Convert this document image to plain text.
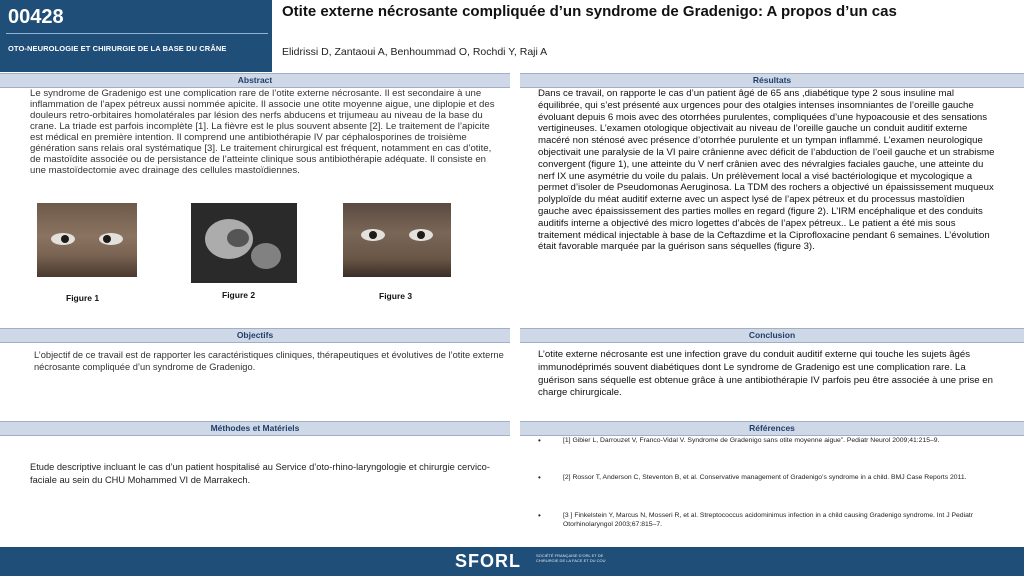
00428
OTO-NEUROLOGIE ET CHIRURGIE DE LA BASE DU CRÂNE
Otite externe nécrosante compliquée d’un syndrome de Gradenigo: A propos d’un cas
Elidrissi D, Zantaoui A, Benhoummad O, Rochdi Y, Raji A
Abstract

Le syndrome de Gradenigo est une complication rare de l’otite externe nécrosante. Il est secondaire à une inflammation de l’apex pétreux aussi nommée apicite. Il associe une otite moyenne aigue, une diplopie et des douleurs retro-orbitaires homolatérales par lésion des nerfs abducens et trijumeau au niveau de la base du crane. La triade est parfois incomplète [1]. La fièvre est le plus souvent absente [2]. Le traitement de l’apicite est médical en première intention. Il comprend une antibiothérapie IV par céphalosporines de troisième génération sans relais oral systématique [3]. Le traitement chirurgical est fréquent, notamment en cas d’otite, de mastoïdite associée ou de persistance de l’atteinte clinique sous antibiothérapie adéquate. Il consiste en une mastoïdectomie avec drainage des cellules mastoïdiennes.

Figure 1	Figure 2	Figure 3
Résultats

Dans ce travail, on rapporte le cas d’un patient âgé de 65 ans ,diabétique type 2 sous insuline mal équilibrée, qui s’est présenté aux urgences pour des otalgies intenses insomniantes de l’oreille gauche évoluant depuis 6 mois avec des otorrhées purulentes, compliquées d’une hypoacousie et des sensations vertigineuses. L’examen otologique objectivait au niveau de l’oreille gauche un conduit auditif externe macéré non sténosé avec présence d’otorrhée purulente et un tympan inflammé. L’examen neurologique objectivait une paralysie de la VI paire crânienne avec déficit de l’abduction de l’oeil gauche et un strabisme convergent (figure 1), une atteinte du V nerf crânien avec des névralgies faciales gauche, une atteinte du nerf IX une asymétrie du voile du palais. Un prélèvement local a visé bactériologique et mycologique a permet d’isoler de Pseudomonas Aeruginosa. La TDM des rochers a objectivé un épaississement muqueux polyploïde du méat auditif externe avec un aspect lysé de l’apex pétreux et du processus mastoïdien gauche avec épaississement des parties molles en regard (figure 2). L’IRM encéphalique et des conduits auditifs interne a objectivé des micro logettes d’abcès de l’apex pétreux.. Le patient a été mis sous traitement médical injectable à base de la Ceftazdime et la Ciprofloxacine pendant 6 semaines. L’évolution était favorable marquée par la guérison sans séquelles (figure 3).

Objectifs

L’objectif de ce travail est de rapporter les caractéristiques cliniques, thérapeutiques et évolutives de l’otite externe nécrosante compliquée d’un syndrome de Gradenigo.

Conclusion

L’otite externe nécrosante est une infection grave du conduit auditif externe qui touche les sujets âgés immunodéprimés souvent diabétiques dont Le syndrome de Gradenigo est une complication rare. La guérison sans séquelle est obtenue grâce à une antibiothérapie IV parfois peu être associée à une prise en charge chirurgicale.

Méthodes et Matériels

Etude descriptive incluant le cas d’un patient hospitalisé au Service d’oto-rhino-laryngologie et chirurgie cervico-faciale au sein du CHU Mohammed VI de Marrakech.

Références
• [1] Gibier L, Darrouzet V, Franco-Vidal V. Syndrome de Gradenigo sans otite moyenne aigue”. Pediatr Neurol 2009;41:215–9.
• [2] Rossor T, Anderson C, Steventon B, et al. Conservative management of Gradenigo’s syndrome in a child. BMJ Case Reports 2011.
• [3 ] Finkelstein Y, Marcus N, Mosseri R, et al. Streptococcus acidominimus infection in a child causing Gradenigo syndrome. Int J Pediatr Otorhinolaryngol 2003;67:815–7.
SFORL	SOCIÉTÉ FRANÇAISE D’ORL ET DE CHIRURGIE DE LA FACE ET DU COU
